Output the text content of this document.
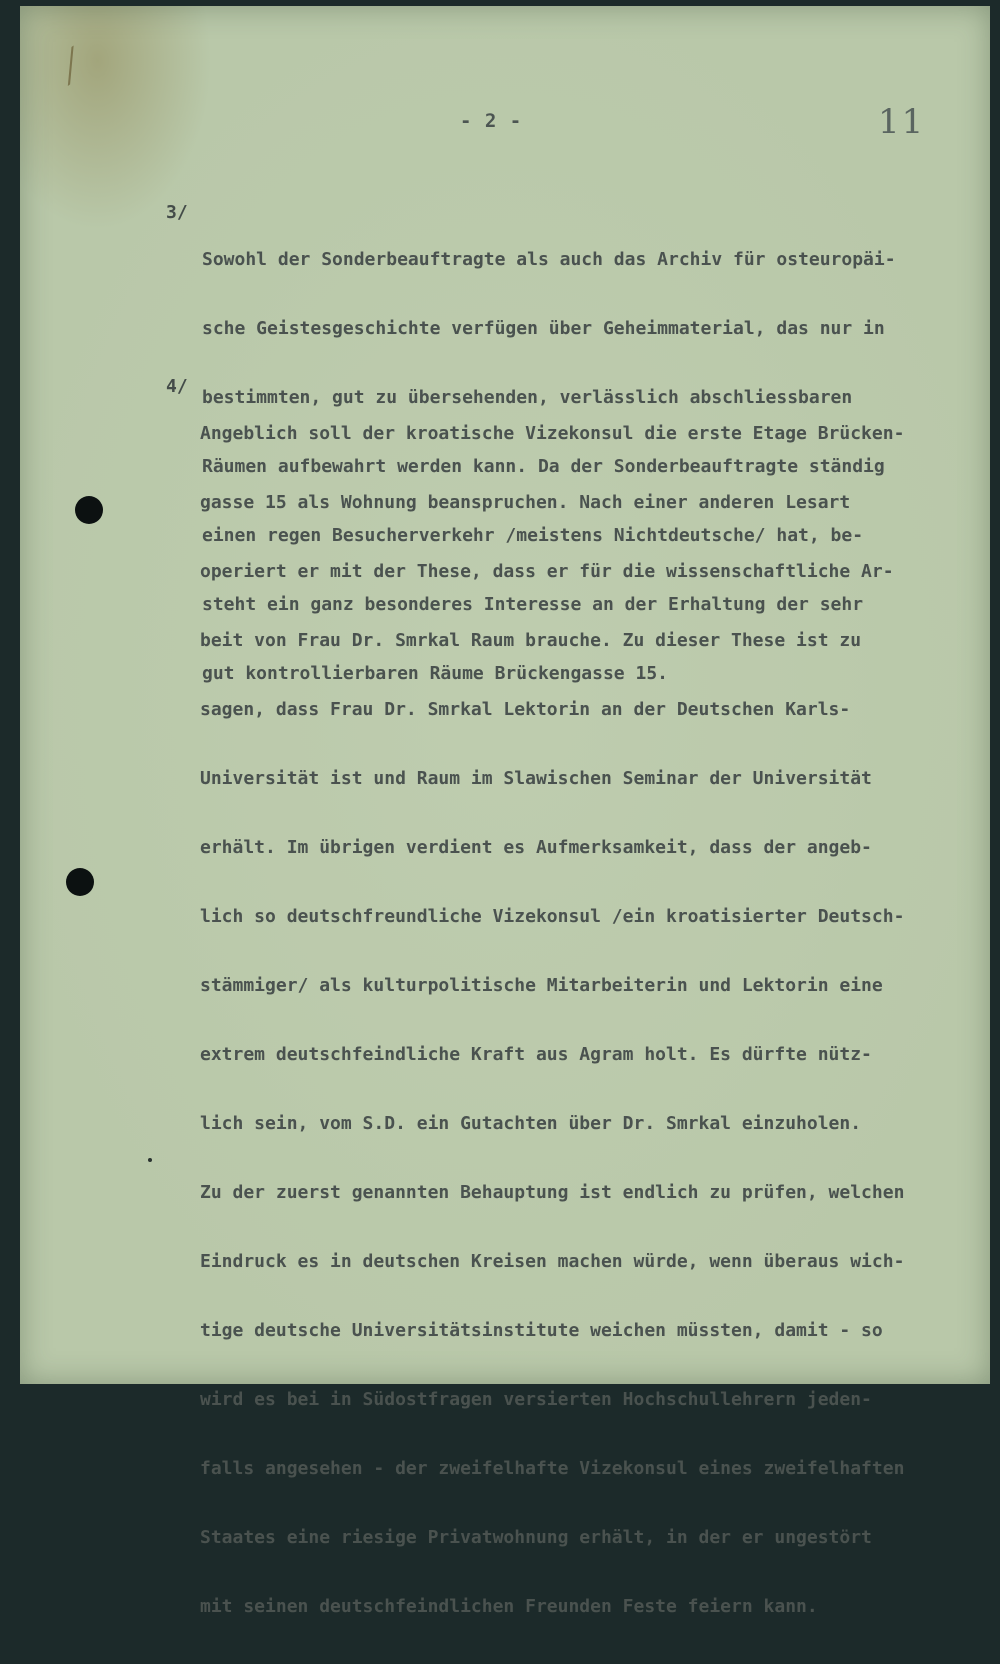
⟋
- 2 -	11
3/

Sowohl der Sonderbeauftragte als auch das Archiv für osteuropäi-

sche Geistesgeschichte verfügen über Geheimmaterial, das nur in

bestimmten, gut zu übersehenden, verlässlich abschliessbaren

Räumen aufbewahrt werden kann. Da der Sonderbeauftragte ständig

einen regen Besucherverkehr /meistens Nichtdeutsche/ hat, be-

steht ein ganz besonderes Interesse an der Erhaltung der sehr

gut kontrollierbaren Räume Brückengasse 15.

4/

Angeblich soll der kroatische Vizekonsul die erste Etage Brücken-

gasse 15 als Wohnung beanspruchen. Nach einer anderen Lesart

operiert er mit der These, dass er für die wissenschaftliche Ar-

beit von Frau Dr. Smrkal Raum brauche. Zu dieser These ist zu

sagen, dass Frau Dr. Smrkal Lektorin an der Deutschen Karls-

Universität ist und Raum im Slawischen Seminar der Universität

erhält. Im übrigen verdient es Aufmerksamkeit, dass der angeb-

lich so deutschfreundliche Vizekonsul /ein kroatisierter Deutsch-

stämmiger/ als kulturpolitische Mitarbeiterin und Lektorin eine

extrem deutschfeindliche Kraft aus Agram holt. Es dürfte nütz-

lich sein, vom S.D. ein Gutachten über Dr. Smrkal einzuholen.

Zu der zuerst genannten Behauptung ist endlich zu prüfen, welchen

Eindruck es in deutschen Kreisen machen würde, wenn überaus wich-

tige deutsche Universitätsinstitute weichen müssten, damit - so

wird es bei in Südostfragen versierten Hochschullehrern jeden-

falls angesehen - der zweifelhafte Vizekonsul eines zweifelhaften

Staates eine riesige Privatwohnung erhält, in der er ungestört

mit seinen deutschfeindlichen Freunden Feste feiern kann.
